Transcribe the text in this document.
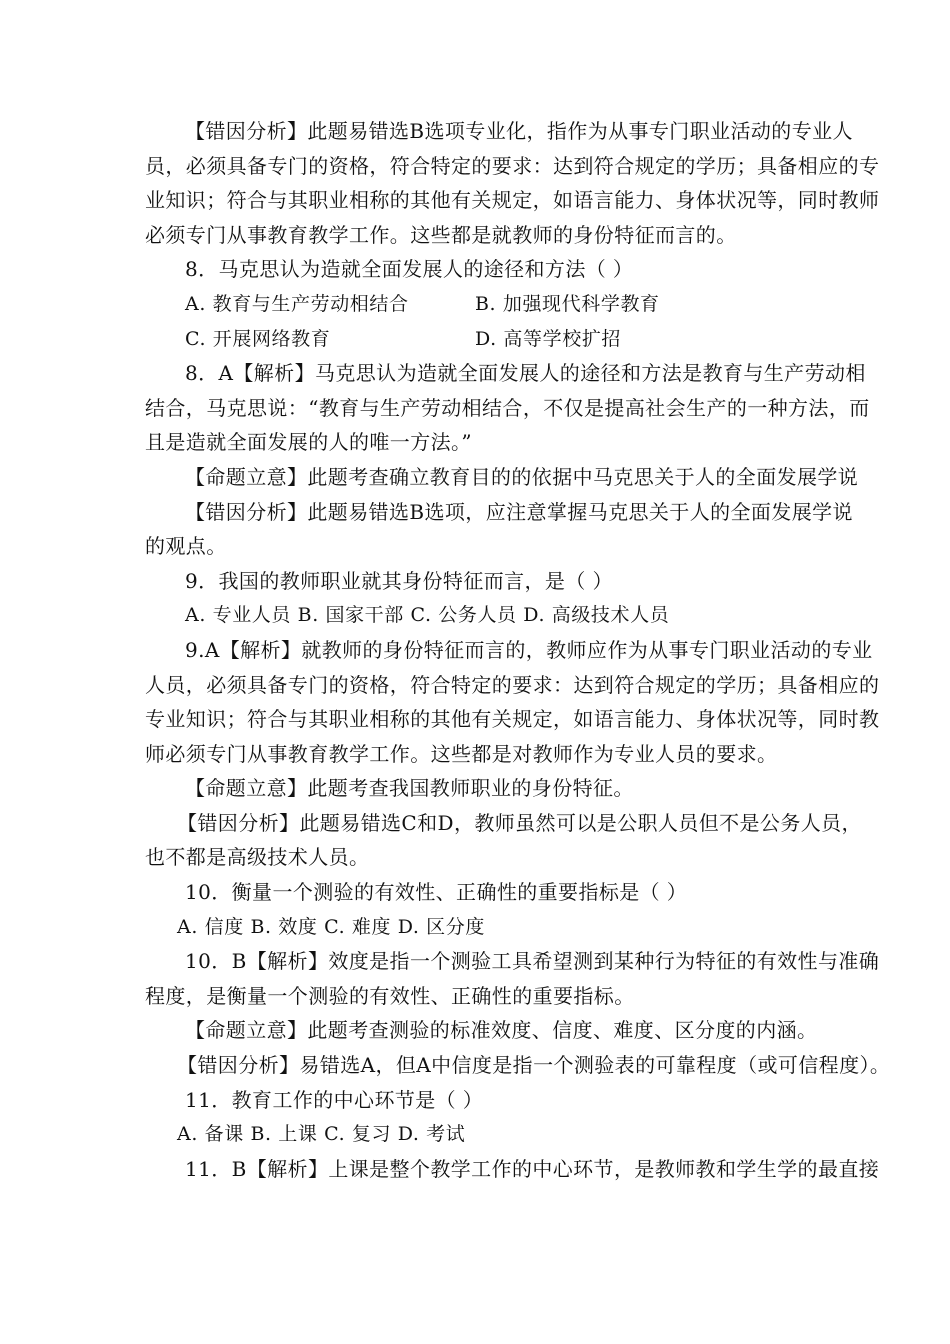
【错因分析】此题易错选B选项专业化，指作为从事专门职业活动的专业人
员，必须具备专门的资格，符合特定的要求：达到符合规定的学历；具备相应的专
业知识；符合与其职业相称的其他有关规定，如语言能力、身体状况等，同时教师
必须专门从事教育教学工作。这些都是就教师的身份特征而言的。
8．马克思认为造就全面发展人的途径和方法（ ）
A. 教育与生产劳动相结合	B. 加强现代科学教育
C. 开展网络教育	D. 高等学校扩招
8．A【解析】马克思认为造就全面发展人的途径和方法是教育与生产劳动相
结合，马克思说：“教育与生产劳动相结合，不仅是提高社会生产的一种方法，而
且是造就全面发展的人的唯一方法。”
【命题立意】此题考查确立教育目的的依据中马克思关于人的全面发展学说
【错因分析】此题易错选B选项，应注意掌握马克思关于人的全面发展学说
的观点。
9．我国的教师职业就其身份特征而言，是（ ）
A. 专业人员 B. 国家干部 C. 公务人员 D. 高级技术人员
9.A【解析】就教师的身份特征而言的，教师应作为从事专门职业活动的专业
人员，必须具备专门的资格，符合特定的要求：达到符合规定的学历；具备相应的
专业知识；符合与其职业相称的其他有关规定，如语言能力、身体状况等，同时教
师必须专门从事教育教学工作。这些都是对教师作为专业人员的要求。
【命题立意】此题考查我国教师职业的身份特征。
【错因分析】此题易错选C和D，教师虽然可以是公职人员但不是公务人员，
也不都是高级技术人员。
10．衡量一个测验的有效性、正确性的重要指标是（ ）
A. 信度 B. 效度 C. 难度 D. 区分度
10．B【解析】效度是指一个测验工具希望测到某种行为特征的有效性与准确
程度，是衡量一个测验的有效性、正确性的重要指标。
【命题立意】此题考查测验的标准效度、信度、难度、区分度的内涵。
【错因分析】易错选A，但A中信度是指一个测验表的可靠程度（或可信程度）。
11．教育工作的中心环节是（ ）
A. 备课 B. 上课 C. 复习 D. 考试
11．B【解析】上课是整个教学工作的中心环节，是教师教和学生学的最直接
